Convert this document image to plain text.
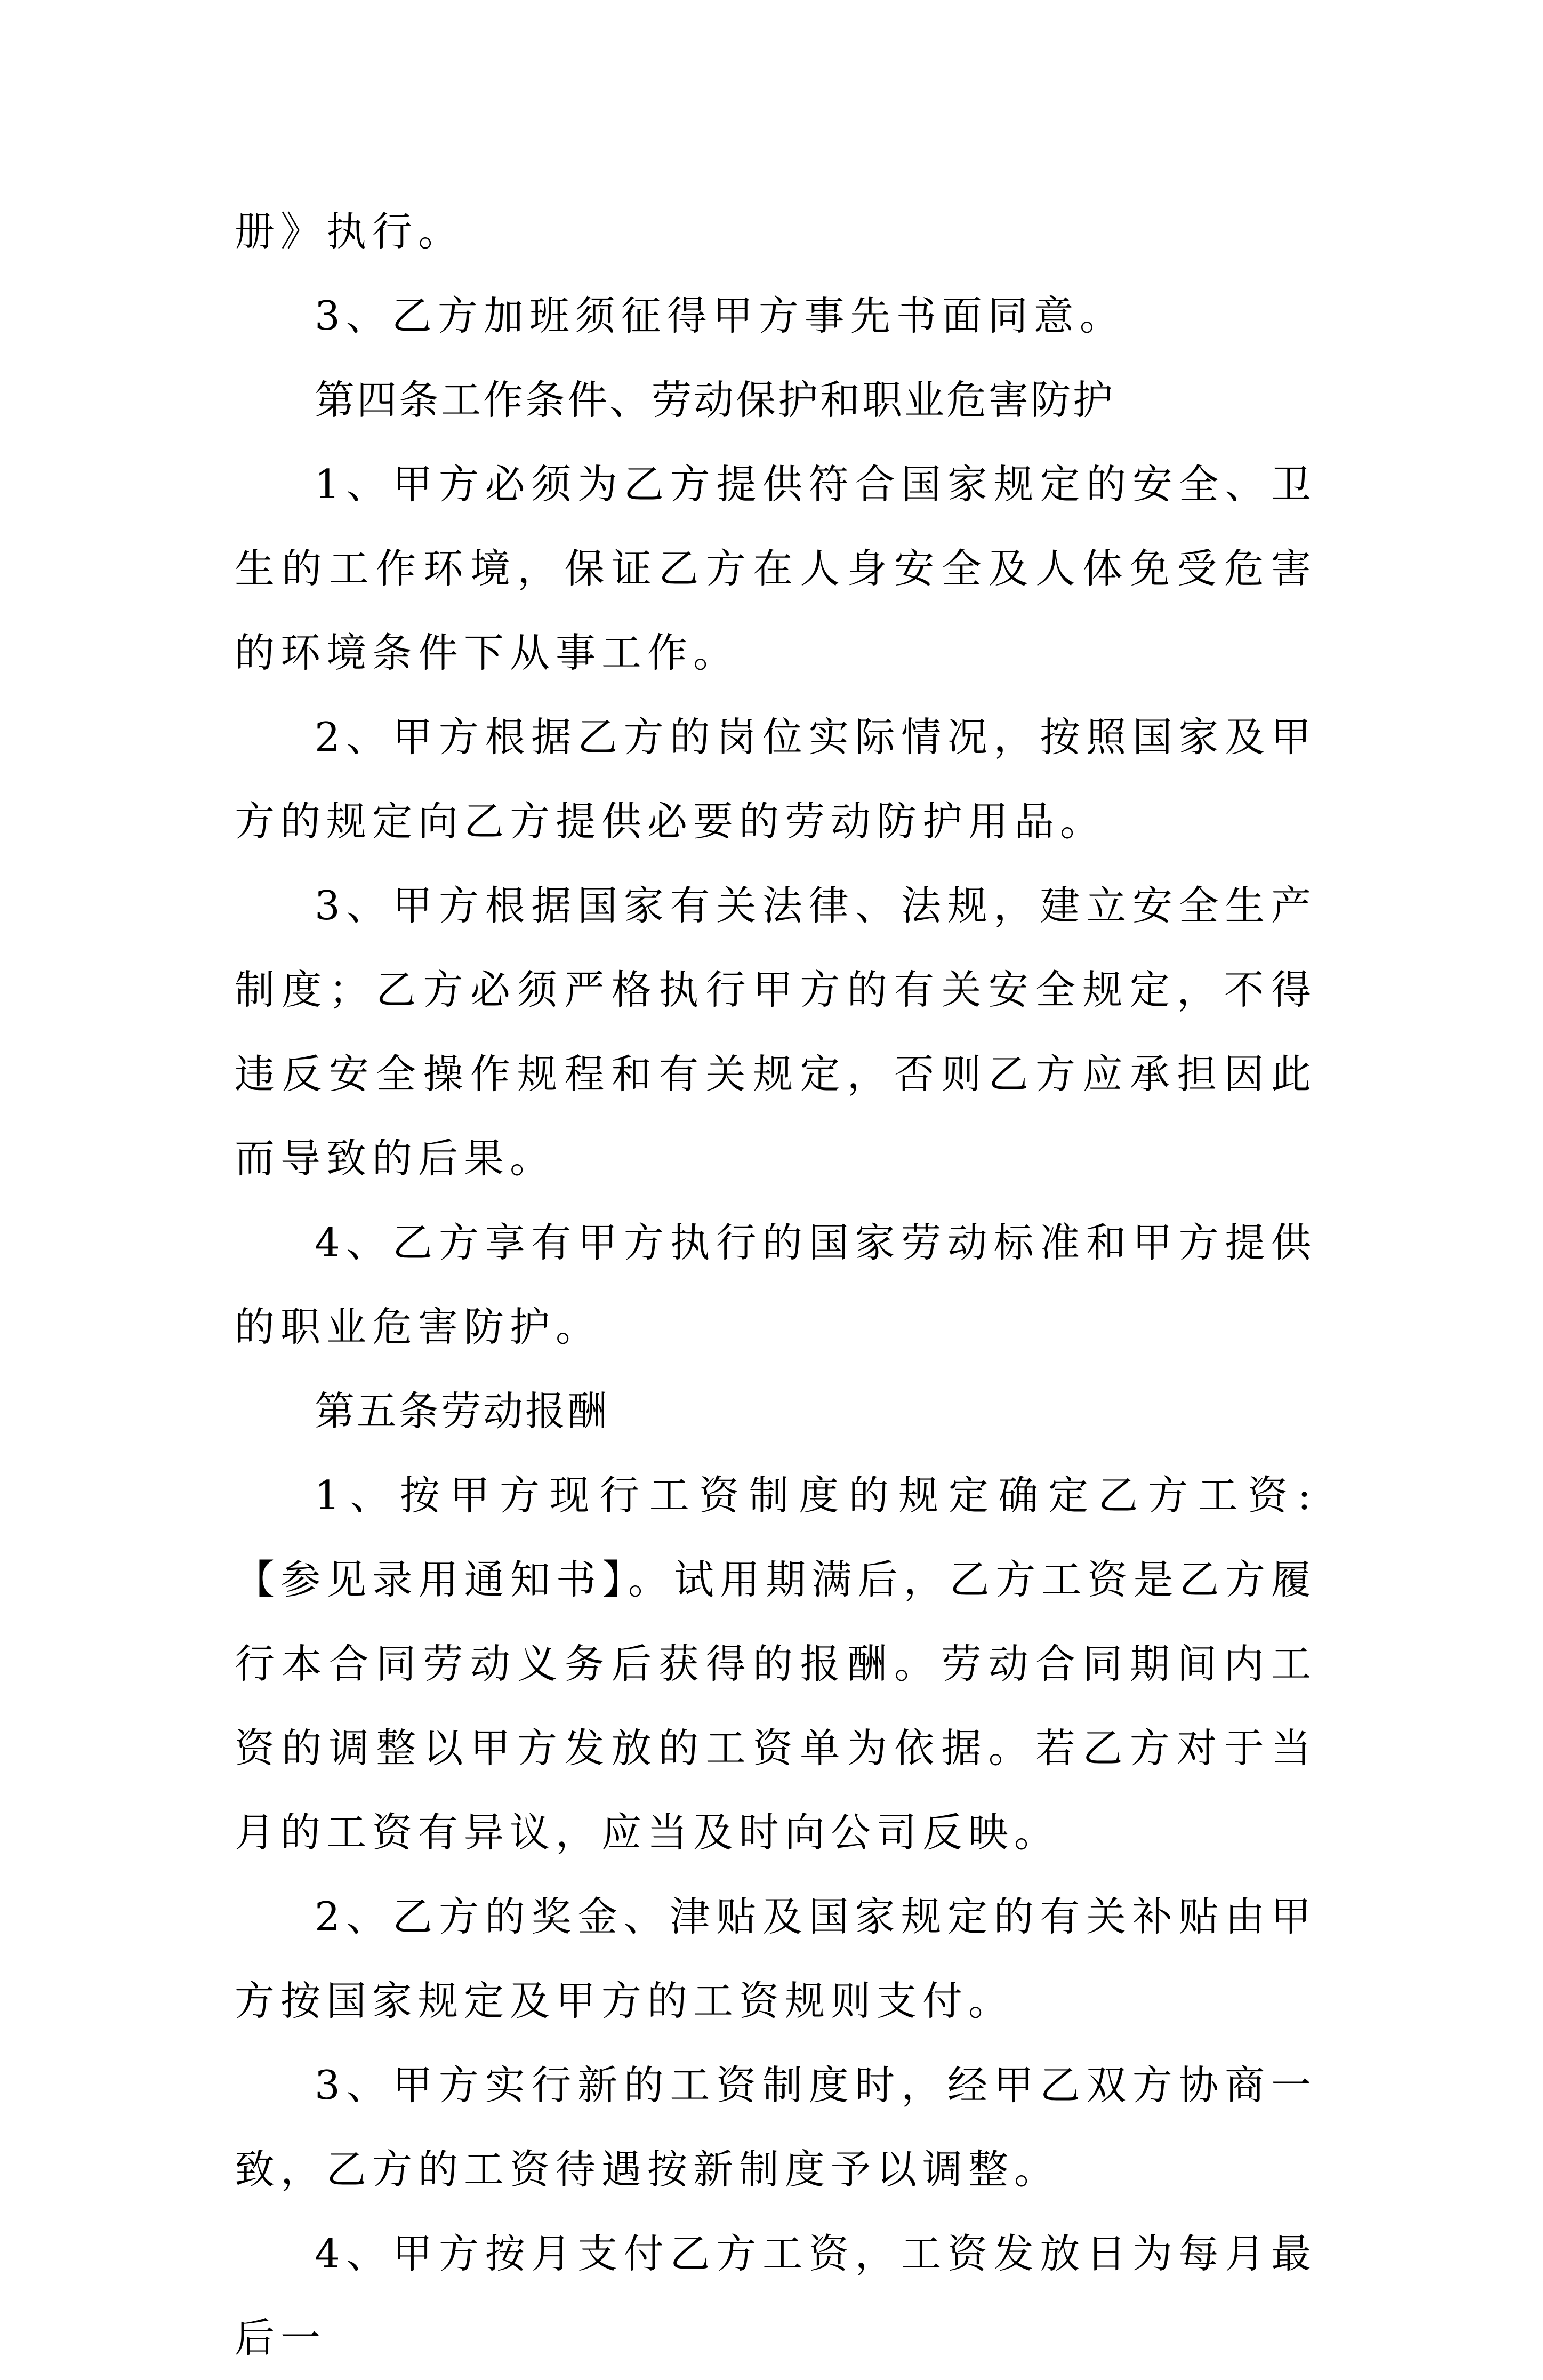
册》执行。

3、乙方加班须征得甲方事先书面同意。

第四条工作条件、劳动保护和职业危害防护

1、甲方必须为乙方提供符合国家规定的安全、卫生的工作环境，保证乙方在人身安全及人体免受危害的环境条件下从事工作。

2、甲方根据乙方的岗位实际情况，按照国家及甲方的规定向乙方提供必要的劳动防护用品。

3、甲方根据国家有关法律、法规，建立安全生产制度；乙方必须严格执行甲方的有关安全规定，不得违反安全操作规程和有关规定，否则乙方应承担因此而导致的后果。

4、乙方享有甲方执行的国家劳动标准和甲方提供的职业危害防护。

第五条劳动报酬

1、按甲方现行工资制度的规定确定乙方工资:【参见录用通知书】。试用期满后，乙方工资是乙方履行本合同劳动义务后获得的报酬。劳动合同期间内工资的调整以甲方发放的工资单为依据。若乙方对于当月的工资有异议，应当及时向公司反映。

2、乙方的奖金、津贴及国家规定的有关补贴由甲方按国家规定及甲方的工资规则支付。

3、甲方实行新的工资制度时，经甲乙双方协商一致，乙方的工资待遇按新制度予以调整。

4、甲方按月支付乙方工资，工资发放日为每月最后一
